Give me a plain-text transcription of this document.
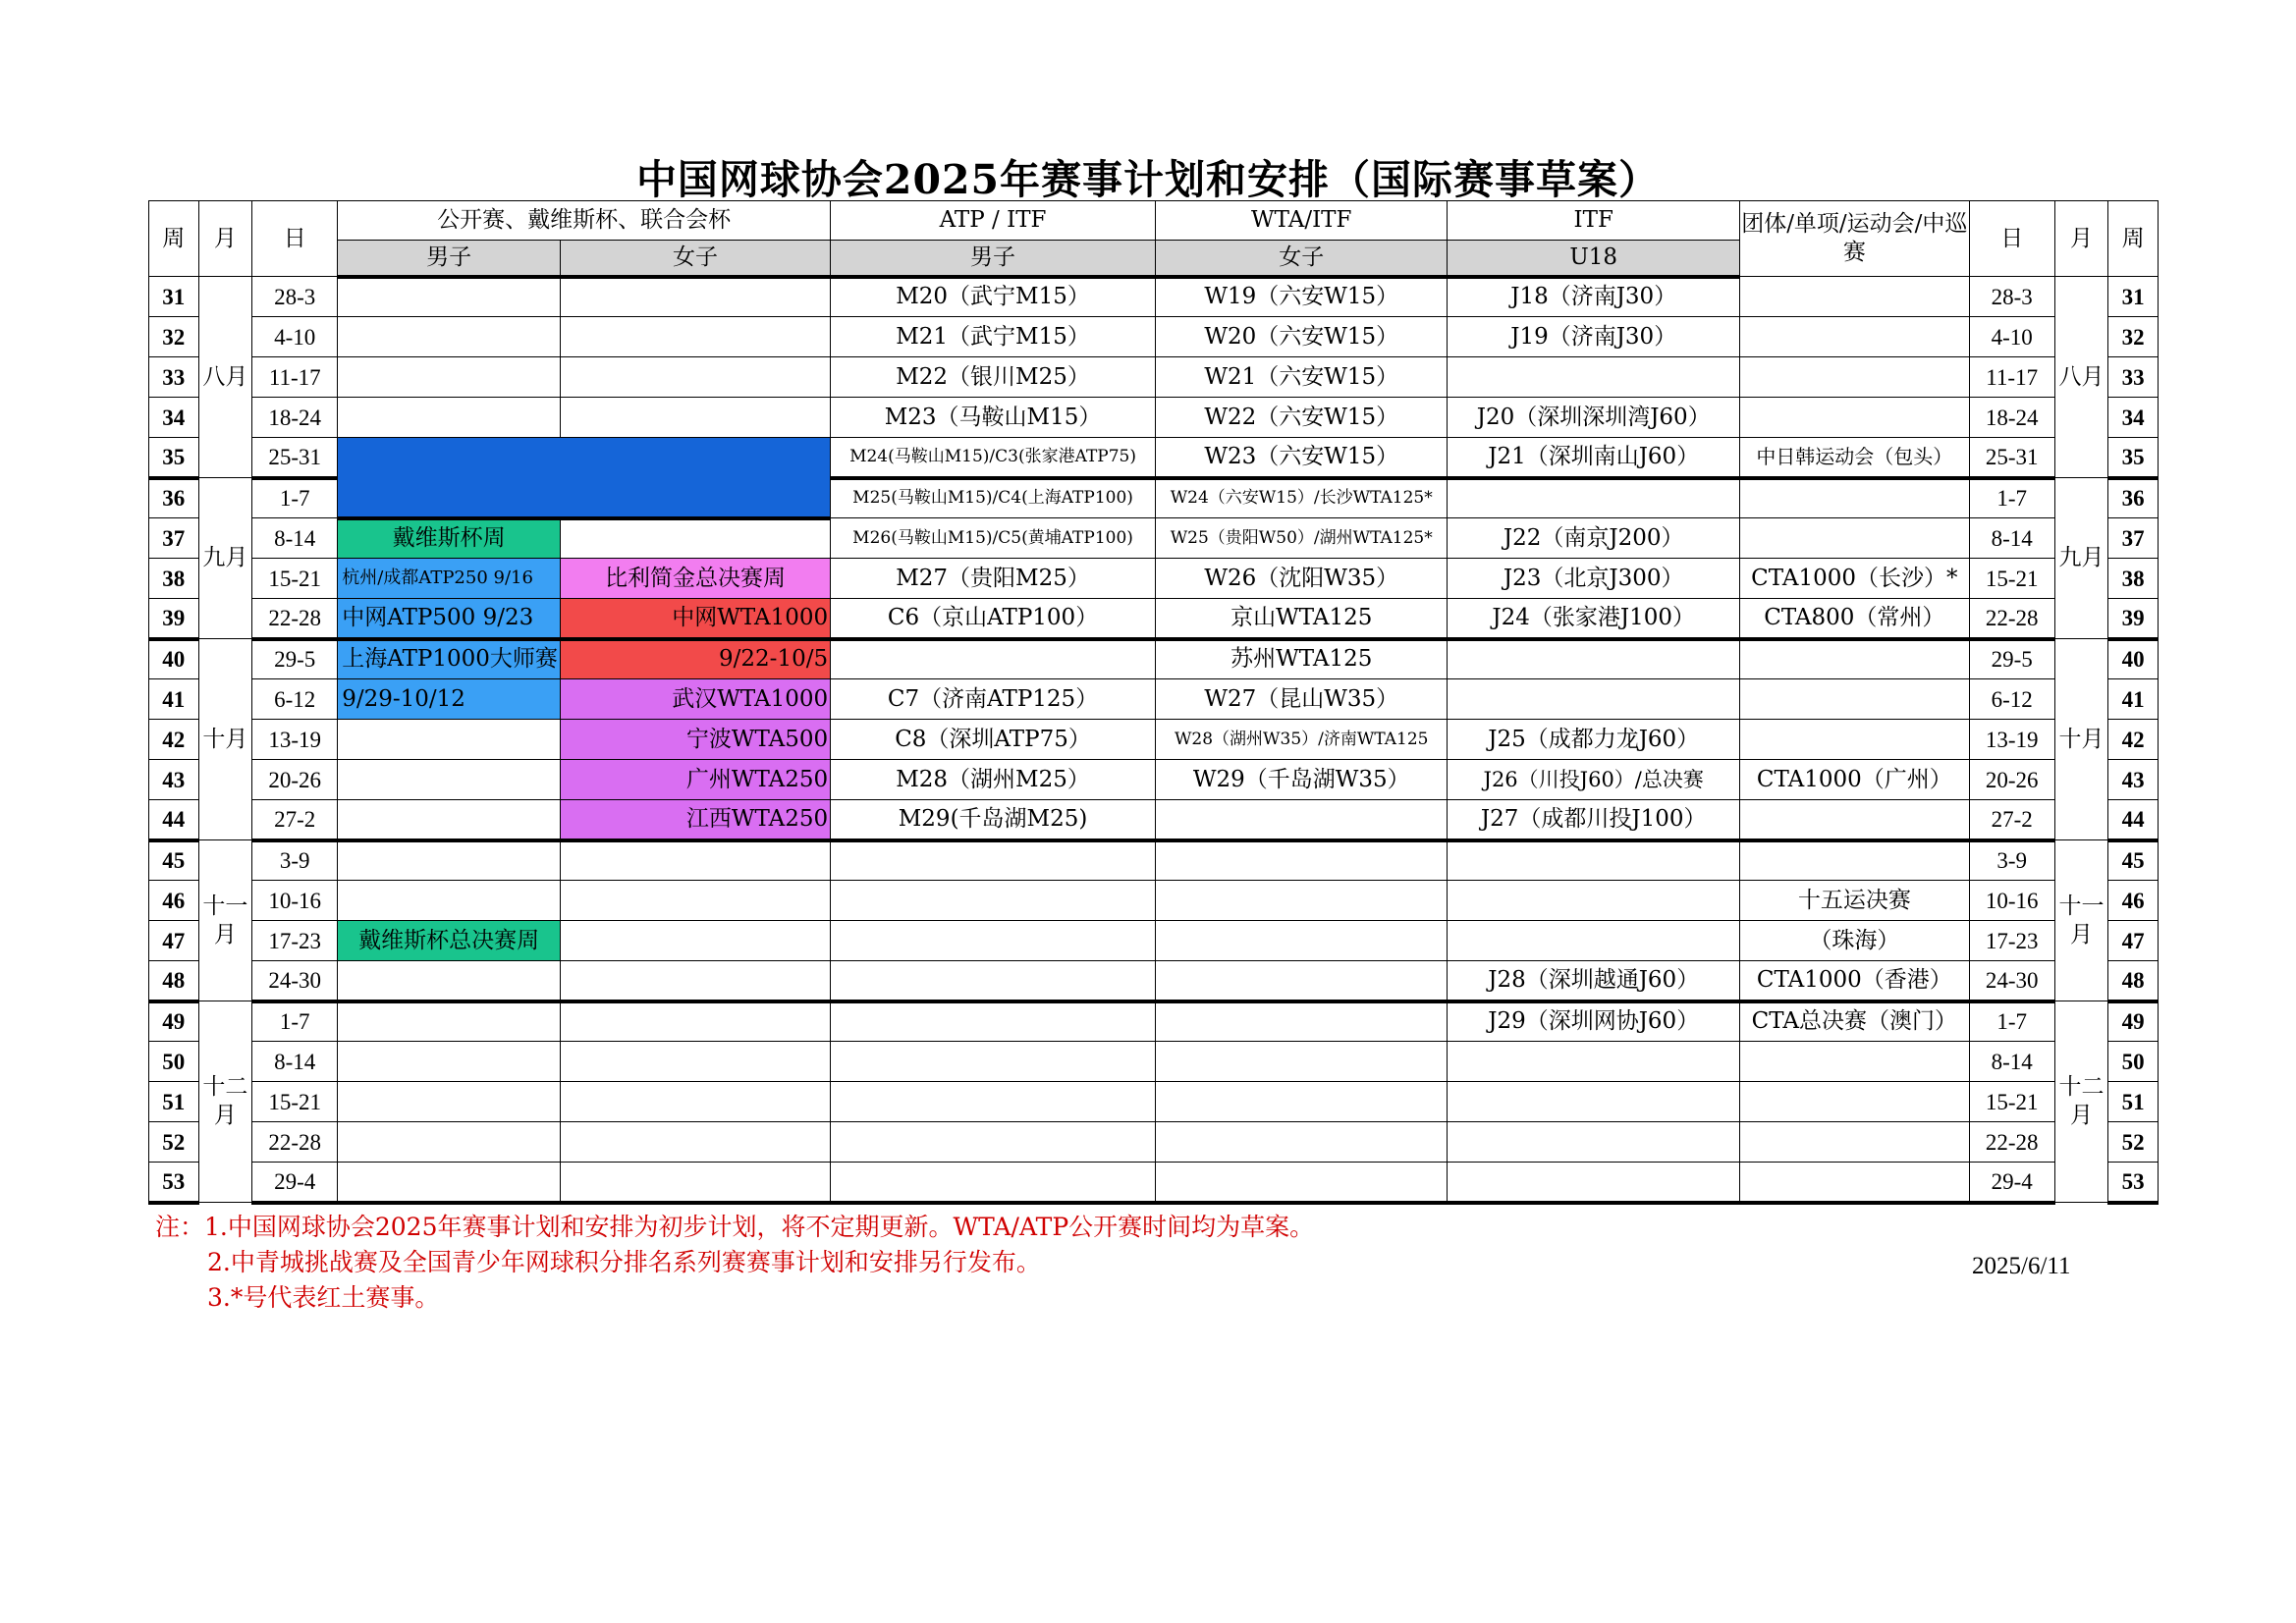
中国网球协会2025年赛事计划和安排（国际赛事草案）
周	月	日	公开赛、戴维斯杯、联合会杯		ATP / ITF	WTA/ITF	ITF	团体/单项/运动会/中巡赛	日	月	周
			男子	女子	男子	女子	U18				
31	八月	28-3			M20（武宁M15）	W19（六安W15）	J18（济南J30）		28-3	八月	31
32		4-10			M21（武宁M15）	W20（六安W15）	J19（济南J30）		4-10		32
33		11-17			M22（银川M25）	W21（六安W15）			11-17		33
34		18-24			M23（马鞍山M15）	W22（六安W15）	J20（深圳深圳湾J60）		18-24		34
35		25-31			M24(马鞍山M15)/C3(张家港ATP75)	W23（六安W15）	J21（深圳南山J60）	中日韩运动会（包头）	25-31		35
36	九月	1-7			M25(马鞍山M15)/C4(上海ATP100)	W24（六安W15）/长沙WTA125*			1-7	九月	36
37		8-14	戴维斯杯周		M26(马鞍山M15)/C5(黄埔ATP100)	W25（贵阳W50）/湖州WTA125*	J22（南京J200）		8-14		37
38		15-21	杭州/成都ATP250 9/16	比利简金总决赛周	M27（贵阳M25）	W26（沈阳W35）	J23（北京J300）	CTA1000（长沙）*	15-21		38
39		22-28	中网ATP500 9/23	中网WTA1000	C6（京山ATP100）	京山WTA125	J24（张家港J100）	CTA800（常州）	22-28		39
40	十月	29-5	上海ATP1000大师赛	9/22-10/5		苏州WTA125			29-5	十月	40
41		6-12	9/29-10/12	武汉WTA1000	C7（济南ATP125）	W27（昆山W35）			6-12		41
42		13-19		宁波WTA500	C8（深圳ATP75）	W28（湖州W35）/济南WTA125	J25（成都力龙J60）		13-19		42
43		20-26		广州WTA250	M28（湖州M25）	W29（千岛湖W35）	J26（川投J60）/总决赛	CTA1000（广州）	20-26		43
44		27-2		江西WTA250	M29(千岛湖M25)		J27（成都川投J100）		27-2		44
45	十一月	3-9							3-9	十一月	45
46		10-16						十五运决赛	10-16		46
47		17-23	戴维斯杯总决赛周					（珠海）	17-23		47
48		24-30					J28（深圳越通J60）	CTA1000（香港）	24-30		48
49	十二月	1-7					J29（深圳网协J60）	CTA总决赛（澳门）	1-7	十二月	49
50		8-14							8-14		50
51		15-21							15-21		51
52		22-28							22-28		52
53		29-4							29-4		53
注：1.中国网球协会2025年赛事计划和安排为初步计划，将不定期更新。WTA/ATP公开赛时间均为草案。
2.中青城挑战赛及全国青少年网球积分排名系列赛赛事计划和安排另行发布。
3.*号代表红土赛事。
2025/6/11
